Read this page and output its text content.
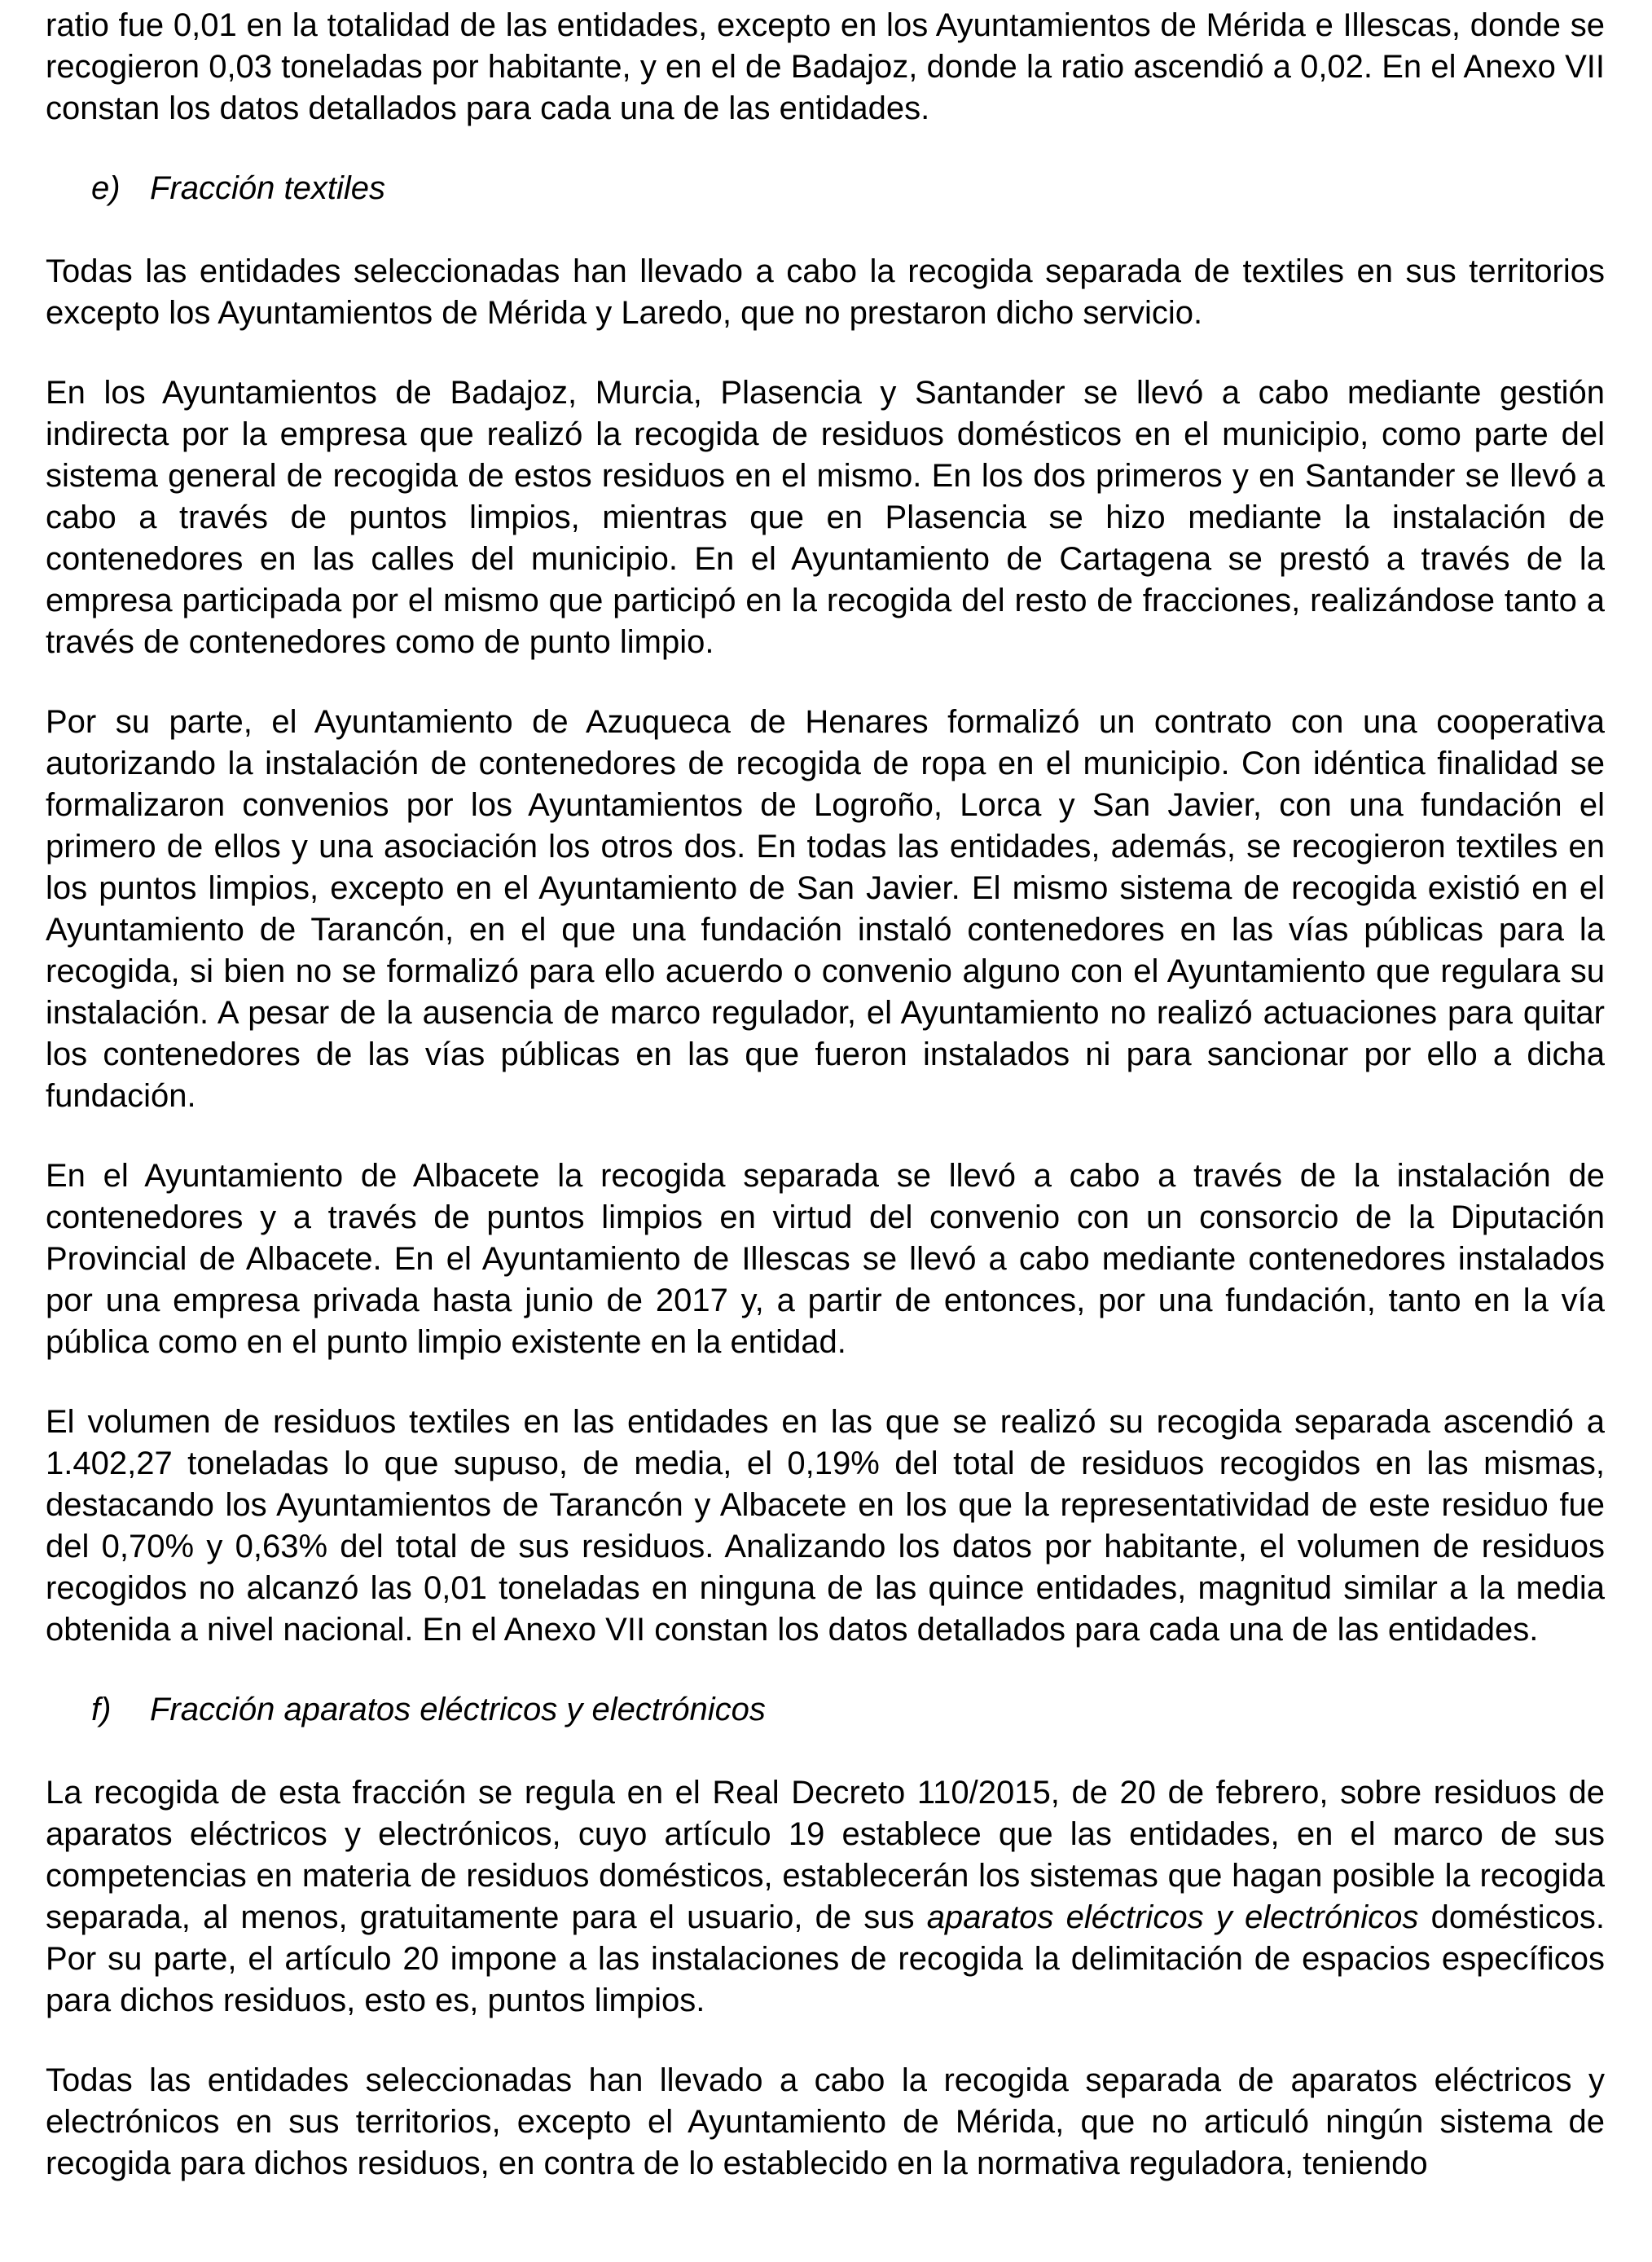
ratio fue 0,01 en la totalidad de las entidades, excepto en los Ayuntamientos de Mérida e Illescas, donde se recogieron 0,03 toneladas por habitante, y en el de Badajoz, donde la ratio ascendió a 0,02. En el Anexo VII constan los datos detallados para cada una de las entidades.

e) Fracción textiles

Todas las entidades seleccionadas han llevado a cabo la recogida separada de textiles en sus territorios excepto los Ayuntamientos de Mérida y Laredo, que no prestaron dicho servicio.

En los Ayuntamientos de Badajoz, Murcia, Plasencia y Santander se llevó a cabo mediante gestión indirecta por la empresa que realizó la recogida de residuos domésticos en el municipio, como parte del sistema general de recogida de estos residuos en el mismo. En los dos primeros y en Santander se llevó a cabo a través de puntos limpios, mientras que en Plasencia se hizo mediante la instalación de contenedores en las calles del municipio. En el Ayuntamiento de Cartagena se prestó a través de la empresa participada por el mismo que participó en la recogida del resto de fracciones, realizándose tanto a través de contenedores como de punto limpio.

Por su parte, el Ayuntamiento de Azuqueca de Henares formalizó un contrato con una cooperativa autorizando la instalación de contenedores de recogida de ropa en el municipio. Con idéntica finalidad se formalizaron convenios por los Ayuntamientos de Logroño, Lorca y San Javier, con una fundación el primero de ellos y una asociación los otros dos. En todas las entidades, además, se recogieron textiles en los puntos limpios, excepto en el Ayuntamiento de San Javier. El mismo sistema de recogida existió en el Ayuntamiento de Tarancón, en el que una fundación instaló contenedores en las vías públicas para la recogida, si bien no se formalizó para ello acuerdo o convenio alguno con el Ayuntamiento que regulara su instalación. A pesar de la ausencia de marco regulador, el Ayuntamiento no realizó actuaciones para quitar los contenedores de las vías públicas en las que fueron instalados ni para sancionar por ello a dicha fundación.

En el Ayuntamiento de Albacete la recogida separada se llevó a cabo a través de la instalación de contenedores y a través de puntos limpios en virtud del convenio con un consorcio de la Diputación Provincial de Albacete. En el Ayuntamiento de Illescas se llevó a cabo mediante contenedores instalados por una empresa privada hasta junio de 2017 y, a partir de entonces, por una fundación, tanto en la vía pública como en el punto limpio existente en la entidad.

El volumen de residuos textiles en las entidades en las que se realizó su recogida separada ascendió a 1.402,27 toneladas lo que supuso, de media, el 0,19% del total de residuos recogidos en las mismas, destacando los Ayuntamientos de Tarancón y Albacete en los que la representatividad de este residuo fue del 0,70% y 0,63% del total de sus residuos. Analizando los datos por habitante, el volumen de residuos recogidos no alcanzó las 0,01 toneladas en ninguna de las quince entidades, magnitud similar a la media obtenida a nivel nacional. En el Anexo VII constan los datos detallados para cada una de las entidades.

f) Fracción aparatos eléctricos y electrónicos

La recogida de esta fracción se regula en el Real Decreto 110/2015, de 20 de febrero, sobre residuos de aparatos eléctricos y electrónicos, cuyo artículo 19 establece que las entidades, en el marco de sus competencias en materia de residuos domésticos, establecerán los sistemas que hagan posible la recogida separada, al menos, gratuitamente para el usuario, de sus aparatos eléctricos y electrónicos domésticos. Por su parte, el artículo 20 impone a las instalaciones de recogida la delimitación de espacios específicos para dichos residuos, esto es, puntos limpios.

Todas las entidades seleccionadas han llevado a cabo la recogida separada de aparatos eléctricos y electrónicos en sus territorios, excepto el Ayuntamiento de Mérida, que no articuló ningún sistema de recogida para dichos residuos, en contra de lo establecido en la normativa reguladora, teniendo
